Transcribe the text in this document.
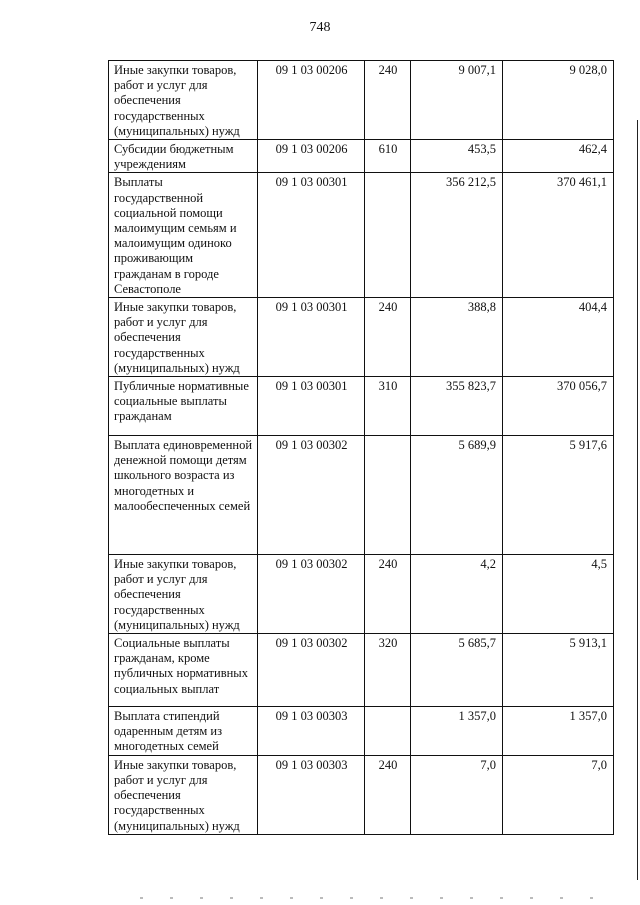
748
Иные закупки товаров, работ и услуг для обеспечения государственных (муниципальных) нужд	09 1 03 00206	240	9 007,1	9 028,0
Субсидии бюджетным учреждениям	09 1 03 00206	610	453,5	462,4
Выплаты государственной социальной помощи малоимущим семьям и малоимущим одиноко проживающим гражданам в городе Севастополе	09 1 03 00301		356 212,5	370 461,1
Иные закупки товаров, работ и услуг для обеспечения государственных (муниципальных) нужд	09 1 03 00301	240	388,8	404,4
Публичные нормативные социальные выплаты гражданам	09 1 03 00301	310	355 823,7	370 056,7
Выплата единовременной денежной помощи детям школьного возраста из многодетных и малообеспеченных семей	09 1 03 00302		5 689,9	5 917,6
Иные закупки товаров, работ и услуг для обеспечения государственных (муниципальных) нужд	09 1 03 00302	240	4,2	4,5
Социальные выплаты гражданам, кроме публичных нормативных социальных выплат	09 1 03 00302	320	5 685,7	5 913,1
Выплата стипендий одаренным детям из многодетных семей	09 1 03 00303		1 357,0	1 357,0
Иные закупки товаров, работ и услуг для обеспечения государственных (муниципальных) нужд	09 1 03 00303	240	7,0	7,0
